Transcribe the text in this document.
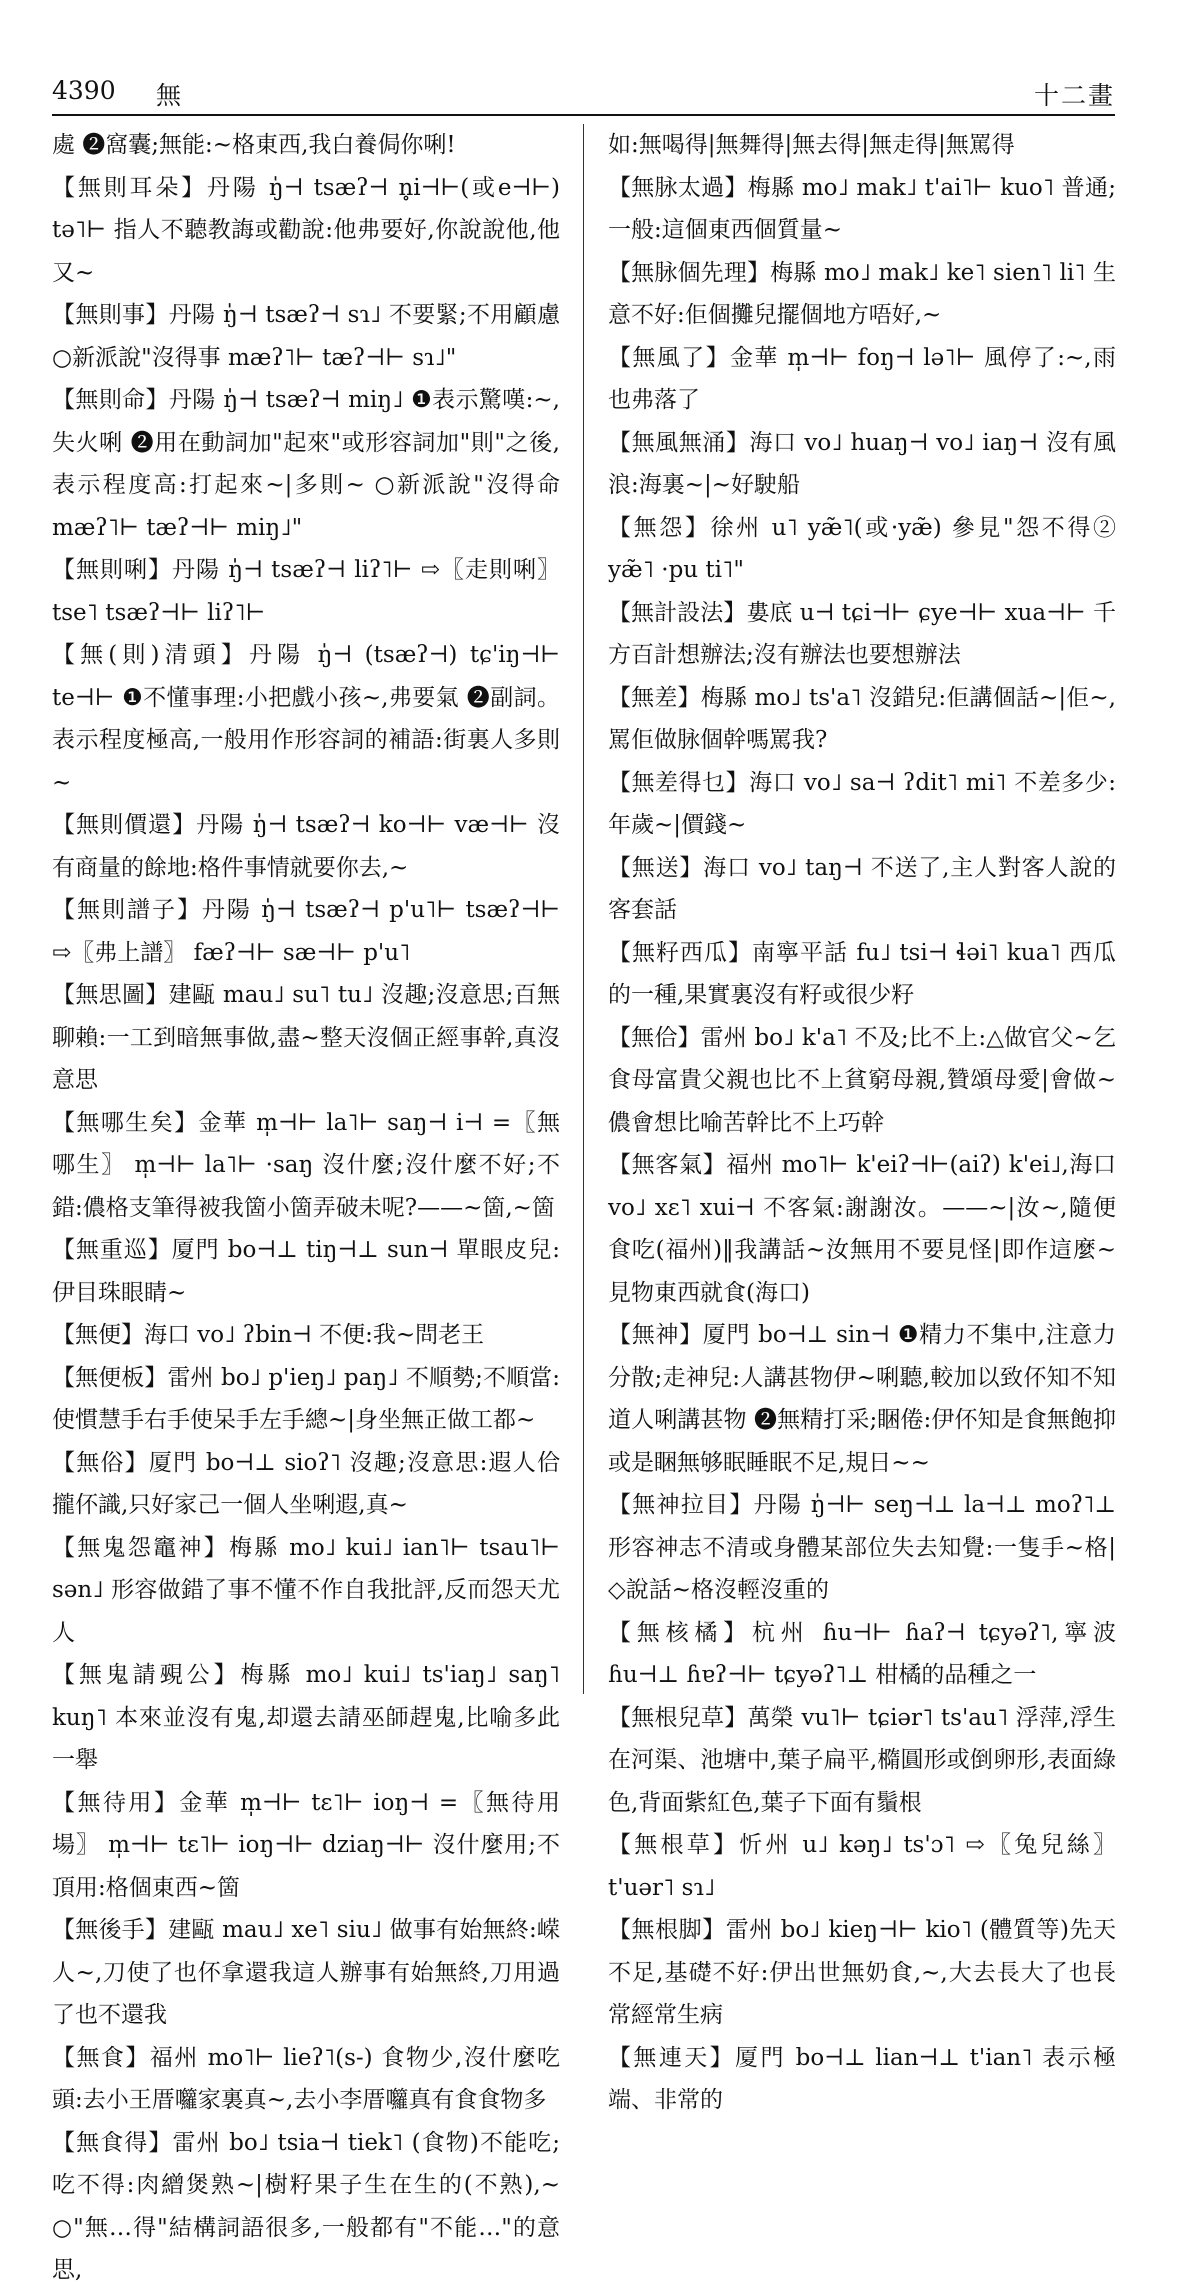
4390 無	十二畫

處 ❷窩囊;無能:~格東西,我白養侷你唎!

【無則耳朵】丹陽 ŋ̍⊣ tsæʔ⊣ n̥i⊣⊢(或e⊣⊢) tə˥⊢ 指人不聽教誨或勸說:他弗要好,你說說他,他又~

【無則事】丹陽 ŋ̍⊣ tsæʔ⊣ sɿ˩ 不要緊;不用顧慮 ○新派說"沒得事 mæʔ˥⊢ tæʔ⊣⊢ sɿ˩"

【無則命】丹陽 ŋ̍⊣ tsæʔ⊣ miŋ˩ ❶表示驚嘆:~,失火唎 ❷用在動詞加"起來"或形容詞加"則"之後,表示程度高:打起來~|多則~ ○新派說"沒得命 mæʔ˥⊢ tæʔ⊣⊢ miŋ˩"

【無則唎】丹陽 ŋ̍⊣ tsæʔ⊣ liʔ˥⊢ ⇨〖走則唎〗 tse˥ tsæʔ⊣⊢ liʔ˥⊢

【無(則)清頭】丹陽 ŋ̍⊣ (tsæʔ⊣) tɕ'iŋ⊣⊢ te⊣⊢ ❶不懂事理:小把戲小孩~,弗要氣 ❷副詞。表示程度極高,一般用作形容詞的補語:街裏人多則~

【無則價還】丹陽 ŋ̍⊣ tsæʔ⊣ ko⊣⊢ væ⊣⊢ 沒有商量的餘地:格件事情就要你去,~

【無則譜子】丹陽 ŋ̍⊣ tsæʔ⊣ p'u˥⊢ tsæʔ⊣⊢ ⇨〖弗上譜〗 fæʔ⊣⊢ sæ⊣⊢ p'u˥

【無思圖】建甌 mau˩ su˥ tu˩ 沒趣;沒意思;百無聊賴:一工到暗無事做,盡~整天沒個正經事幹,真沒意思

【無哪生矣】金華 m̩⊣⊢ la˥⊢ saŋ⊣ i⊣ =〖無哪生〗 m̩⊣⊢ la˥⊢ ·saŋ 沒什麼;沒什麼不好;不錯:儂格支筆得被我箇小箇弄破未呢?——~箇,~箇

【無重巡】厦門 bo⊣⊥ tiŋ⊣⊥ sun⊣ 單眼皮兒:伊目珠眼睛~

【無便】海口 vo˩ ʔbin⊣ 不便:我~問老王

【無便板】雷州 bo˩ p'ieŋ˩ paŋ˩ 不順勢;不順當:使慣慧手右手使呆手左手總~|身坐無正做工都~

【無俗】厦門 bo⊣⊥ sioʔ˥ 沒趣;沒意思:遐人佮攏伓識,只好家己一個人坐唎遐,真~

【無鬼怨竈神】梅縣 mo˩ kui˩ ian˥⊢ tsau˥⊢ sən˩ 形容做錯了事不懂不作自我批評,反而怨天尤人

【無鬼請覡公】梅縣 mo˩ kui˩ ts'iaŋ˩ saŋ˥ kuŋ˥ 本來並沒有鬼,却還去請巫師趕鬼,比喻多此一舉

【無待用】金華 m̩⊣⊢ tɛ˥⊢ ioŋ⊣ =〖無待用場〗 m̩⊣⊢ tɛ˥⊢ ioŋ⊣⊢ dziaŋ⊣⊢ 沒什麼用;不頂用:格個東西~箇

【無後手】建甌 mau˩ xe˥ siu˩ 做事有始無終:嵘人~,刀使了也伓拿還我這人辦事有始無終,刀用過了也不還我

【無食】福州 mo˥⊢ lieʔ˥(s-) 食物少,沒什麼吃頭:去小王厝囖家裏真~,去小李厝囖真有食食物多

【無食得】雷州 bo˩ tsia⊣ tiek˥ (食物)不能吃;吃不得:肉繒煲熟~|樹籽果子生在生的(不熟),~ ○"無…得"結構詞語很多,一般都有"不能…"的意思,

如:無喝得|無舞得|無去得|無走得|無罵得

【無脉太過】梅縣 mo˩ mak˩ t'ai˥⊢ kuo˥ 普通;一般:這個東西個質量~

【無脉個先理】梅縣 mo˩ mak˩ ke˥ sien˥ li˥ 生意不好:佢個攤兒擺個地方唔好,~

【無風了】金華 m̩⊣⊢ foŋ⊣ lə˥⊢ 風停了:~,雨也弗落了

【無風無涌】海口 vo˩ huaŋ⊣ vo˩ iaŋ⊣ 沒有風浪:海裏~|~好駛船

【無怨】徐州 u˥ yæ̃˥(或·yæ̃) 參見"怨不得② yæ̃˥ ·pu ti˥"

【無計設法】婁底 u⊣ tɕi⊣⊢ ɕye⊣⊢ xua⊣⊢ 千方百計想辦法;沒有辦法也要想辦法

【無差】梅縣 mo˩ ts'a˥ 沒錯兒:佢講個話~|佢~,罵佢做脉個幹嗎罵我?

【無差得乜】海口 vo˩ sa⊣ ʔdit˥ mi˥ 不差多少:年歲~|價錢~

【無送】海口 vo˩ taŋ⊣ 不送了,主人對客人說的客套話

【無籽西瓜】南寧平話 fu˩ tsi⊣ ɬəi˥ kua˥ 西瓜的一種,果實裏沒有籽或很少籽

【無佮】雷州 bo˩ k'a˥ 不及;比不上:△做官父~乞食母富貴父親也比不上貧窮母親,贊頌母愛|會做~儂會想比喻苦幹比不上巧幹

【無客氣】福州 mo˥⊢ k'eiʔ⊣⊢(aiʔ) k'ei˩,海口 vo˩ xɛ˥ xui⊣ 不客氣:謝謝汝。——~|汝~,隨便食吃(福州)‖我講話~汝無用不要見怪|即作這麼~見物東西就食(海口)

【無神】厦門 bo⊣⊥ sin⊣ ❶精力不集中,注意力分散;走神兒:人講甚物伊~唎聽,較加以致伓知不知道人唎講甚物 ❷無精打采;睏倦:伊伓知是食無飽抑或是睏無够眠睡眠不足,規日~~

【無神拉目】丹陽 ŋ̍⊣⊢ seŋ⊣⊥ la⊣⊥ moʔ˥⊥ 形容神志不清或身體某部位失去知覺:一隻手~格|◇說話~格沒輕沒重的

【無核橘】杭州 ɦu⊣⊢ ɦaʔ⊣ tɕyəʔ˥,寧波 ɦu⊣⊥ ɦɐʔ⊣⊢ tɕyəʔ˥⊥ 柑橘的品種之一

【無根兒草】萬榮 vu˥⊢ tɕiər˥ ts'au˥ 浮萍,浮生在河渠、池塘中,葉子扁平,橢圓形或倒卵形,表面綠色,背面紫紅色,葉子下面有鬚根

【無根草】忻州 u˩ kəŋ˩ ts'ɔ˥ ⇨〖兔兒絲〗t'uər˥ sɿ˩

【無根脚】雷州 bo˩ kieŋ⊣⊢ kio˥ (體質等)先天不足,基礎不好:伊出世無奶食,~,大去長大了也長常經常生病

【無連天】厦門 bo⊣⊥ lian⊣⊥ t'ian˥ 表示極端、非常的
